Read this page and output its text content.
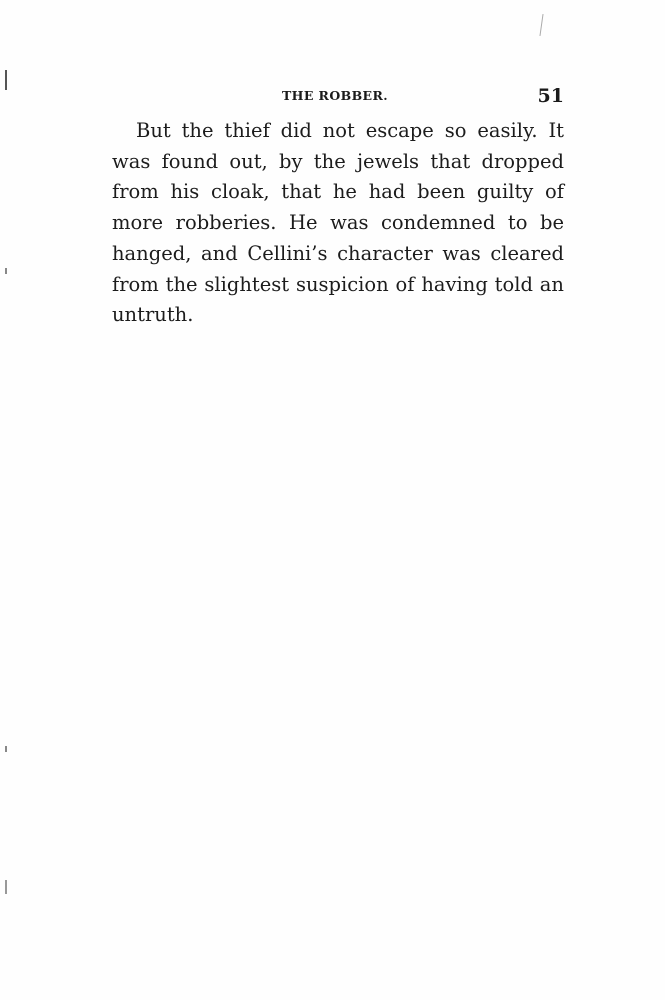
THE ROBBER.	51

But the thief did not escape so easily. It was found out, by the jewels that dropped from his cloak, that he had been guilty of more robberies. He was condemned to be hanged, and Cellini’s character was cleared from the slightest suspicion of having told an untruth.
